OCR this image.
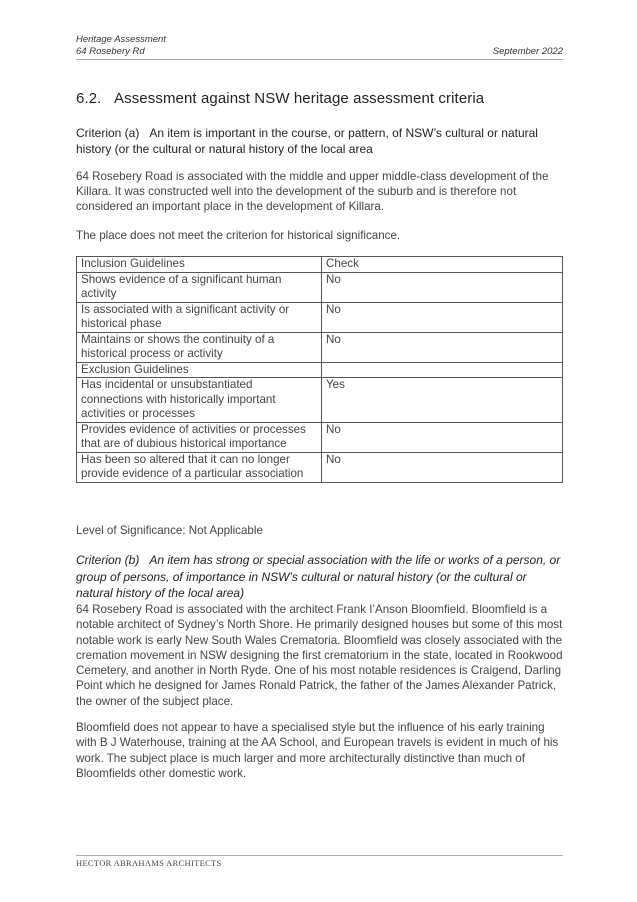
Heritage Assessment
64 Rosebery Rd	September 2022
6.2. Assessment against NSW heritage assessment criteria
Criterion (a) An item is important in the course, or pattern, of NSW’s cultural or natural history (or the cultural or natural history of the local area
64 Rosebery Road is associated with the middle and upper middle-class development of the Killara. It was constructed well into the development of the suburb and is therefore not considered an important place in the development of Killara.
The place does not meet the criterion for historical significance.
Inclusion Guidelines	Check
Shows evidence of a significant human activity	No
Is associated with a significant activity or historical phase	No
Maintains or shows the continuity of a historical process or activity	No
Exclusion Guidelines	
Has incidental or unsubstantiated connections with historically important activities or processes	Yes
Provides evidence of activities or processes that are of dubious historical importance	No
Has been so altered that it can no longer provide evidence of a particular association	No
Level of Significance: Not Applicable
Criterion (b) An item has strong or special association with the life or works of a person, or group of persons, of importance in NSW’s cultural or natural history (or the cultural or natural history of the local area)
64 Rosebery Road is associated with the architect Frank I’Anson Bloomfield. Bloomfield is a notable architect of Sydney’s North Shore. He primarily designed houses but some of this most notable work is early New South Wales Crematoria. Bloomfield was closely associated with the cremation movement in NSW designing the first crematorium in the state, located in Rookwood Cemetery, and another in North Ryde. One of his most notable residences is Craigend, Darling Point which he designed for James Ronald Patrick, the father of the James Alexander Patrick, the owner of the subject place.
Bloomfield does not appear to have a specialised style but the influence of his early training with B J Waterhouse, training at the AA School, and European travels is evident in much of his work. The subject place is much larger and more architecturally distinctive than much of Bloomfields other domestic work.
HECTOR ABRAHAMS ARCHITECTS
